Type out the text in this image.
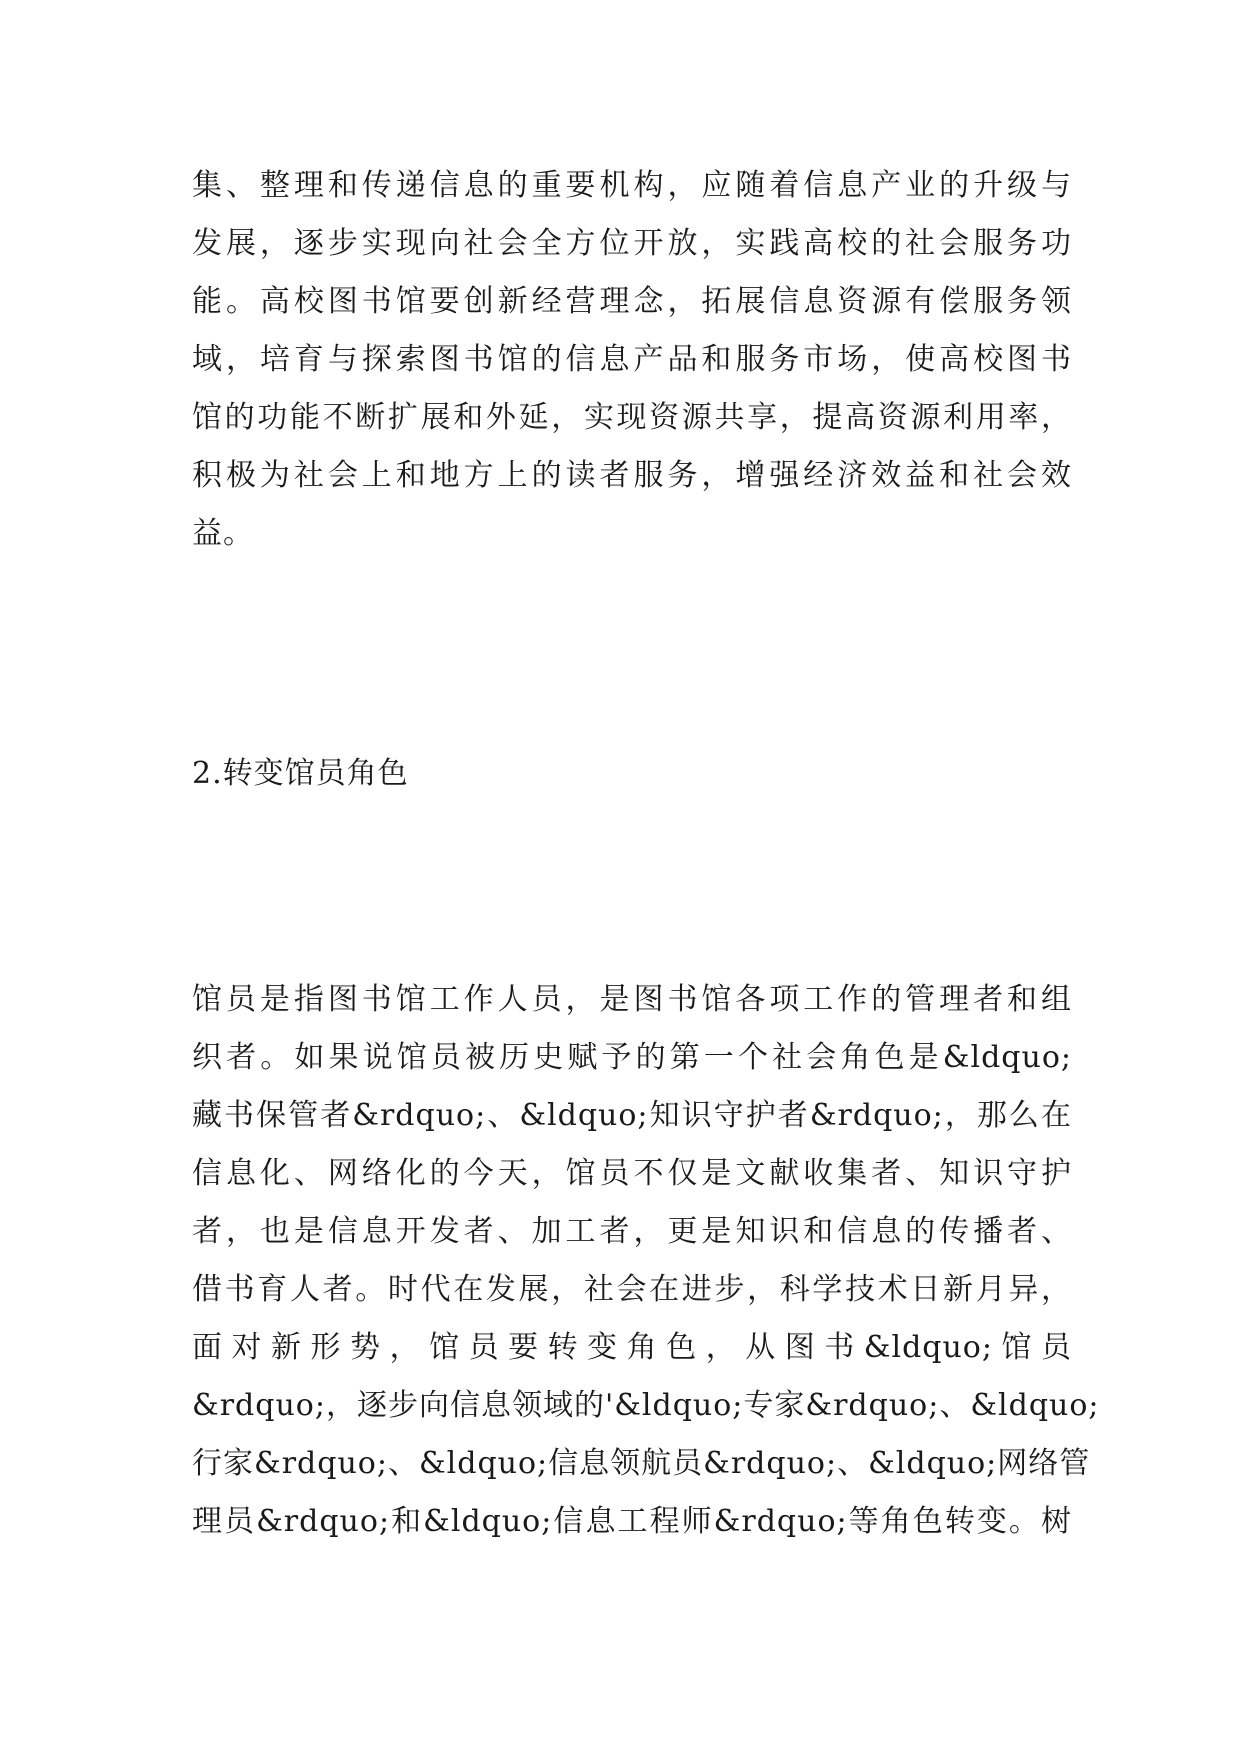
集、整理和传递信息的重要机构，应随着信息产业的升级与
发展，逐步实现向社会全方位开放，实践高校的社会服务功
能。高校图书馆要创新经营理念，拓展信息资源有偿服务领
域，培育与探索图书馆的信息产品和服务市场，使高校图书
馆的功能不断扩展和外延，实现资源共享，提高资源利用率，
积极为社会上和地方上的读者服务，增强经济效益和社会效
益。
2.转变馆员角色
馆员是指图书馆工作人员，是图书馆各项工作的管理者和组
织者。如果说馆员被历史赋予的第一个社会角色是&ldquo;
藏书保管者&rdquo;、&ldquo;知识守护者&rdquo;，那么在
信息化、网络化的今天，馆员不仅是文献收集者、知识守护
者，也是信息开发者、加工者，更是知识和信息的传播者、
借书育人者。时代在发展，社会在进步，科学技术日新月异，
面对新形势，馆员要转变角色，从图书&ldquo;馆员
&rdquo;，逐步向信息领域的'&ldquo;专家&rdquo;、&ldquo;
行家&rdquo;、&ldquo;信息领航员&rdquo;、&ldquo;网络管
理员&rdquo;和&ldquo;信息工程师&rdquo;等角色转变。树
